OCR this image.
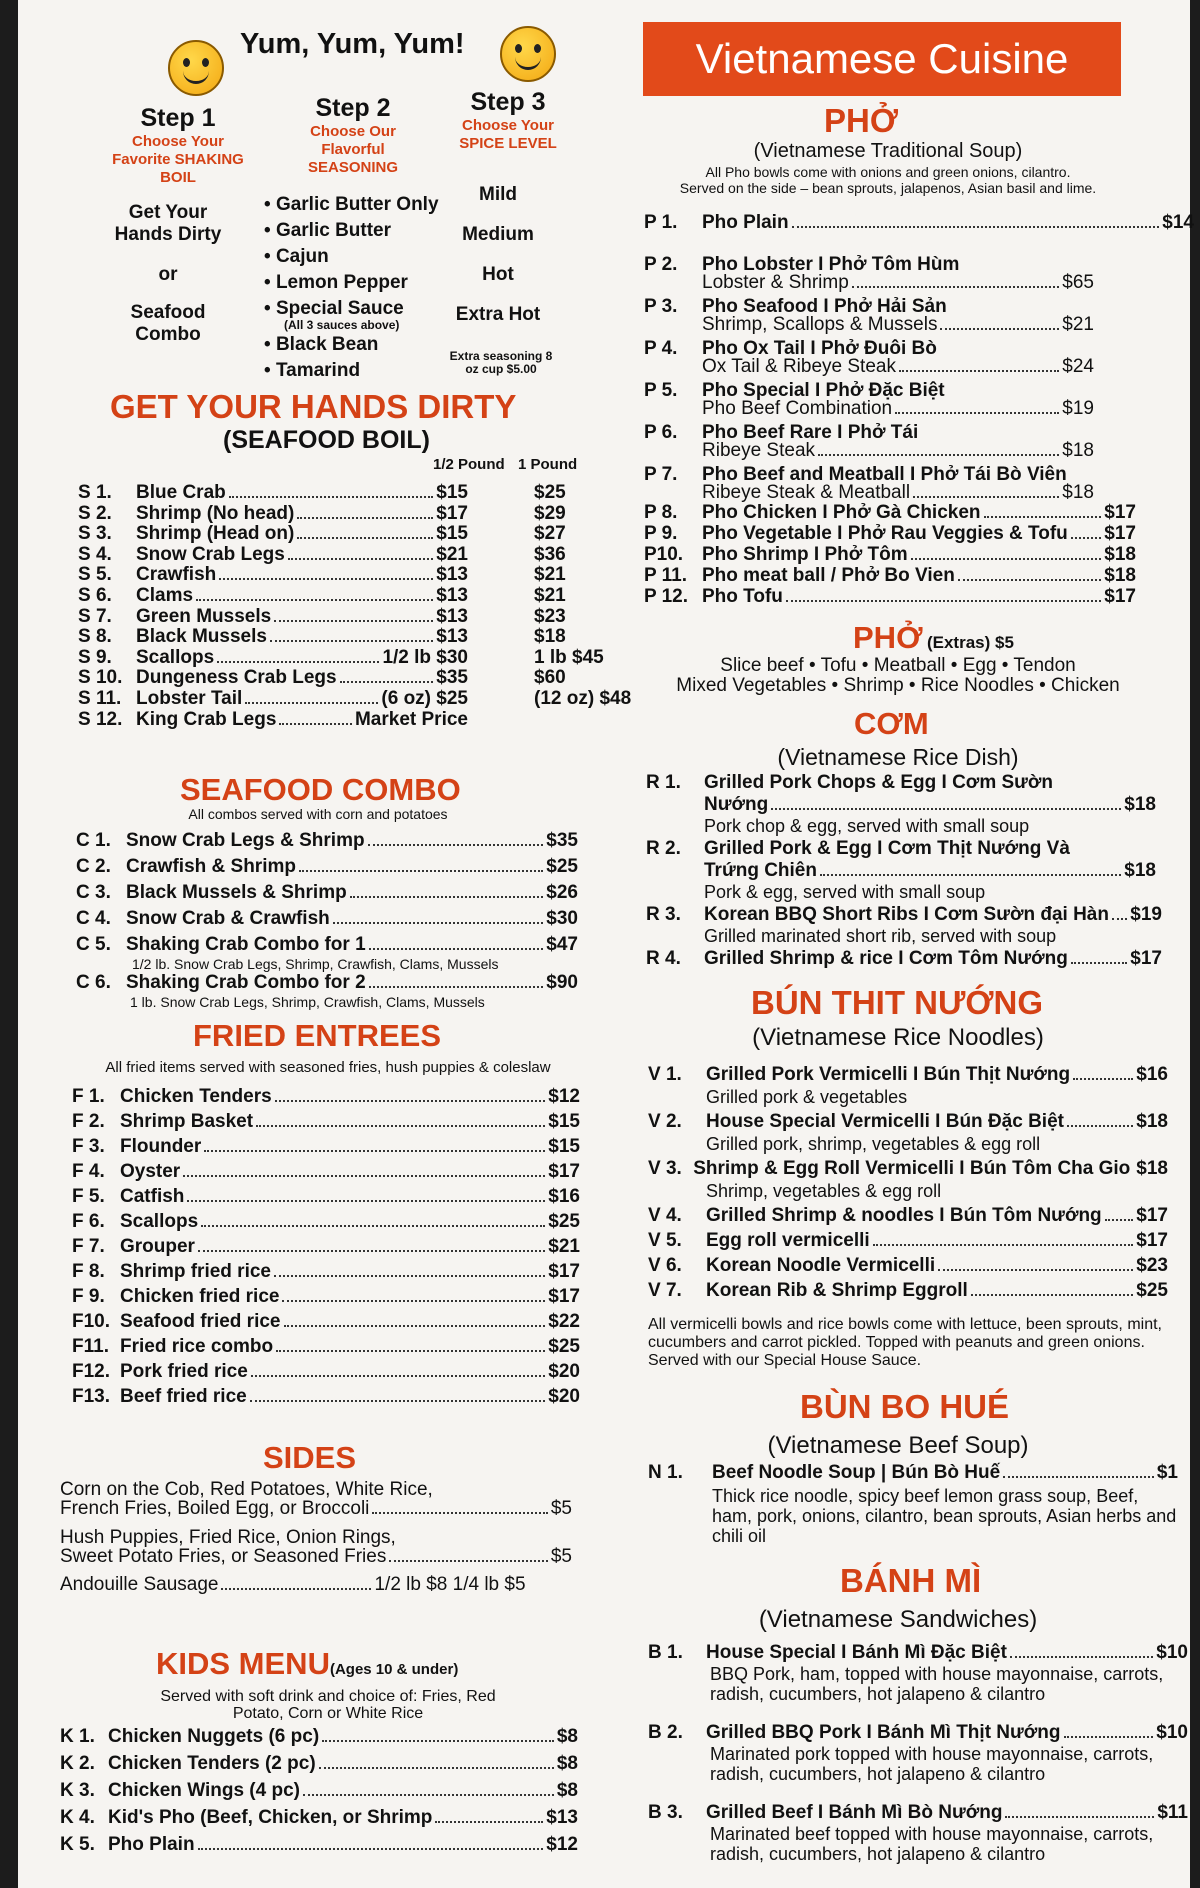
Yum, Yum, Yum!
Step 1
Choose Your Favorite SHAKING BOIL
Step 2
Choose Our Flavorful SEASONING
Step 3
Choose Your SPICE LEVEL
Get Your Hands Dirty
or
Seafood Combo
• Garlic Butter Only
• Garlic Butter
• Cajun
• Lemon Pepper
• Special Sauce
(All 3 sauces above)
• Black Bean
• Tamarind
Mild
Medium
Hot
Extra Hot
Extra seasoning 8 oz cup $5.00
GET YOUR HANDS DIRTY
(SEAFOOD BOIL)
1/2 Pound 1 Pound
S 1.	Blue Crab	$15	$25
S 2.	Shrimp (No head)	$17	$29
S 3.	Shrimp (Head on)	$15	$27
S 4.	Snow Crab Legs	$21	$36
S 5.	Crawfish	$13	$21
S 6.	Clams	$13	$21
S 7.	Green Mussels	$13	$23
S 8.	Black Mussels	$13	$18
S 9.	Scallops	1/2 lb $30	1 lb $45
S 10. Dungeness Crab Legs	$35	$60
S 11. Lobster Tail	(6 oz) $25	(12 oz) $48
S 12. King Crab Legs	Market Price
SEAFOOD COMBO
All combos served with corn and potatoes
C 1. Snow Crab Legs & Shrimp	$35
C 2. Crawfish & Shrimp	$25
C 3. Black Mussels & Shrimp	$26
C 4. Snow Crab & Crawfish	$30
C 5. Shaking Crab Combo for 1	$47
1/2 lb. Snow Crab Legs, Shrimp, Crawfish, Clams, Mussels
C 6. Shaking Crab Combo for 2	$90
1 lb. Snow Crab Legs, Shrimp, Crawfish, Clams, Mussels
FRIED ENTREES
All fried items served with seasoned fries, hush puppies & coleslaw
F 1. Chicken Tenders	$12
F 2. Shrimp Basket	$15
F 3. Flounder	$15
F 4. Oyster	$17
F 5. Catfish	$16
F 6. Scallops	$25
F 7. Grouper	$21
F 8. Shrimp fried rice	$17
F 9. Chicken fried rice	$17
F10. Seafood fried rice	$22
F11. Fried rice combo	$25
F12. Pork fried rice	$20
F13. Beef fried rice	$20
SIDES
Corn on the Cob, Red Potatoes, White Rice,
French Fries, Boiled Egg, or Broccoli	$5
Hush Puppies, Fried Rice, Onion Rings,
Sweet Potato Fries, or Seasoned Fries	$5
Andouille Sausage	1/2 lb $8 1/4 lb $5
KIDS MENU(Ages 10 & under)
Served with soft drink and choice of: Fries, Red Potato, Corn or White Rice
K 1. Chicken Nuggets (6 pc)	$8
K 2. Chicken Tenders (2 pc)	$8
K 3. Chicken Wings (4 pc)	$8
K 4. Kid's Pho (Beef, Chicken, or Shrimp	$13
K 5. Pho Plain	$12
Vietnamese Cuisine
PHỞ
(Vietnamese Traditional Soup)
All Pho bowls come with onions and green onions, cilantro.
Served on the side – bean sprouts, jalapenos, Asian basil and lime.
P 1.	Pho Plain	$14
P 2.	Pho Lobster I Phở Tôm Hùm
Lobster & Shrimp	$65
P 3.	Pho Seafood I Phở Hải Sản
Shrimp, Scallops & Mussels	$21
P 4.	Pho Ox Tail I Phở Đuôi Bò
Ox Tail & Ribeye Steak	$24
P 5.	Pho Special I Phở Đặc Biệt
Pho Beef Combination	$19
P 6.	Pho Beef Rare I Phở Tái
Ribeye Steak	$18
P 7.	Pho Beef and Meatball I Phở Tái Bò Viên
Ribeye Steak & Meatball	$18
P 8.	Pho Chicken I Phở Gà Chicken	$17
P 9.	Pho Vegetable I Phở Rau Veggies & Tofu $17
P10. Pho Shrimp I Phở Tôm	$18
P 11. Pho meat ball / Phở Bo Vien	$18
P 12. Pho Tofu	$17
PHỞ (Extras) $5
Slice beef • Tofu • Meatball • Egg • Tendon
Mixed Vegetables • Shrimp • Rice Noodles • Chicken
CƠM
(Vietnamese Rice Dish)
R 1.	Grilled Pork Chops & Egg I Cơm Sườn
Nướng	$18
Pork chop & egg, served with small soup
R 2.	Grilled Pork & Egg I Cơm Thịt Nướng Và
Trứng Chiên	$18
Pork & egg, served with small soup
R 3.	Korean BBQ Short Ribs I Cơm Sườn đại Hàn $19
Grilled marinated short rib, served with soup
R 4.	Grilled Shrimp & rice I Cơm Tôm Nướng	$17
BÚN THIT NƯỚNG
(Vietnamese Rice Noodles)
V 1.	Grilled Pork Vermicelli I Bún Thịt Nướng	$16
Grilled pork & vegetables
V 2.	House Special Vermicelli I Bún Đặc Biệt	$18
Grilled pork, shrimp, vegetables & egg roll
V 3. Shrimp & Egg Roll Vermicelli I Bún Tôm Cha Gio $18
Shrimp, vegetables & egg roll
V 4.	Grilled Shrimp & noodles I Bún Tôm Nướng $17
V 5.	Egg roll vermicelli	$17
V 6.	Korean Noodle Vermicelli	$23
V 7.	Korean Rib & Shrimp Eggroll	$25
All vermicelli bowls and rice bowls come with lettuce, been sprouts, mint, cucumbers and carrot pickled. Topped with peanuts and green onions. Served with our Special House Sauce.
BÙN BO HUÉ
(Vietnamese Beef Soup)
N 1.	Beef Noodle Soup | Bún Bò Huế	$1
Thick rice noodle, spicy beef lemon grass soup, Beef, ham, pork, onions, cilantro, bean sprouts, Asian herbs and chili oil
BÁNH MÌ
(Vietnamese Sandwiches)
B 1.	House Special I Bánh Mì Đặc Biệt	$10
BBQ Pork, ham, topped with house mayonnaise, carrots, radish, cucumbers, hot jalapeno & cilantro
B 2.	Grilled BBQ Pork I Bánh Mì Thịt Nướng	$10
Marinated pork topped with house mayonnaise, carrots, radish, cucumbers, hot jalapeno & cilantro
B 3.	Grilled Beef I Bánh Mì Bò Nướng	$11
Marinated beef topped with house mayonnaise, carrots, radish, cucumbers, hot jalapeno & cilantro
